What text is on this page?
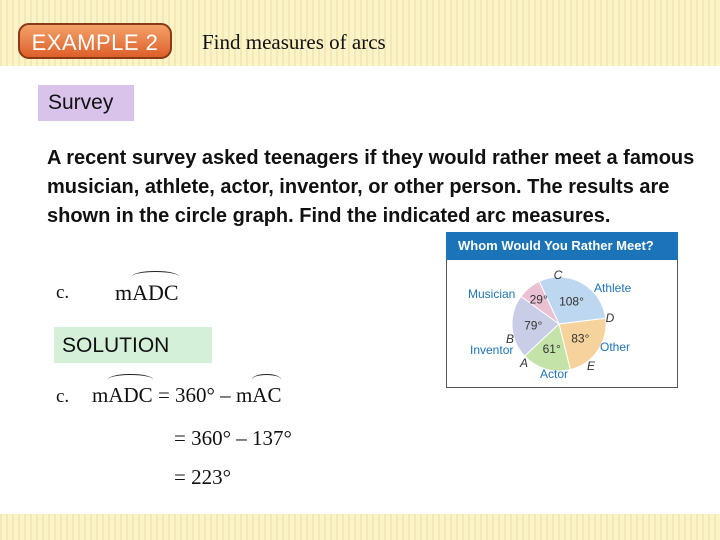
EXAMPLE 2	Find measures of arcs
Survey

A recent survey asked teenagers if they would rather meet a famous musician, athlete, actor, inventor, or other person. The results are shown in the circle graph. Find the indicated arc measures.

c. m
ADC
SOLUTION
c. m
ADC = 360° – m
AC
= 360° – 137°
= 223°
Whom Would You Rather Meet?
108°
Musician
83°
Athlete
61°	Other
79°
Actor
29°
Inventor
C
D
E
A
B
